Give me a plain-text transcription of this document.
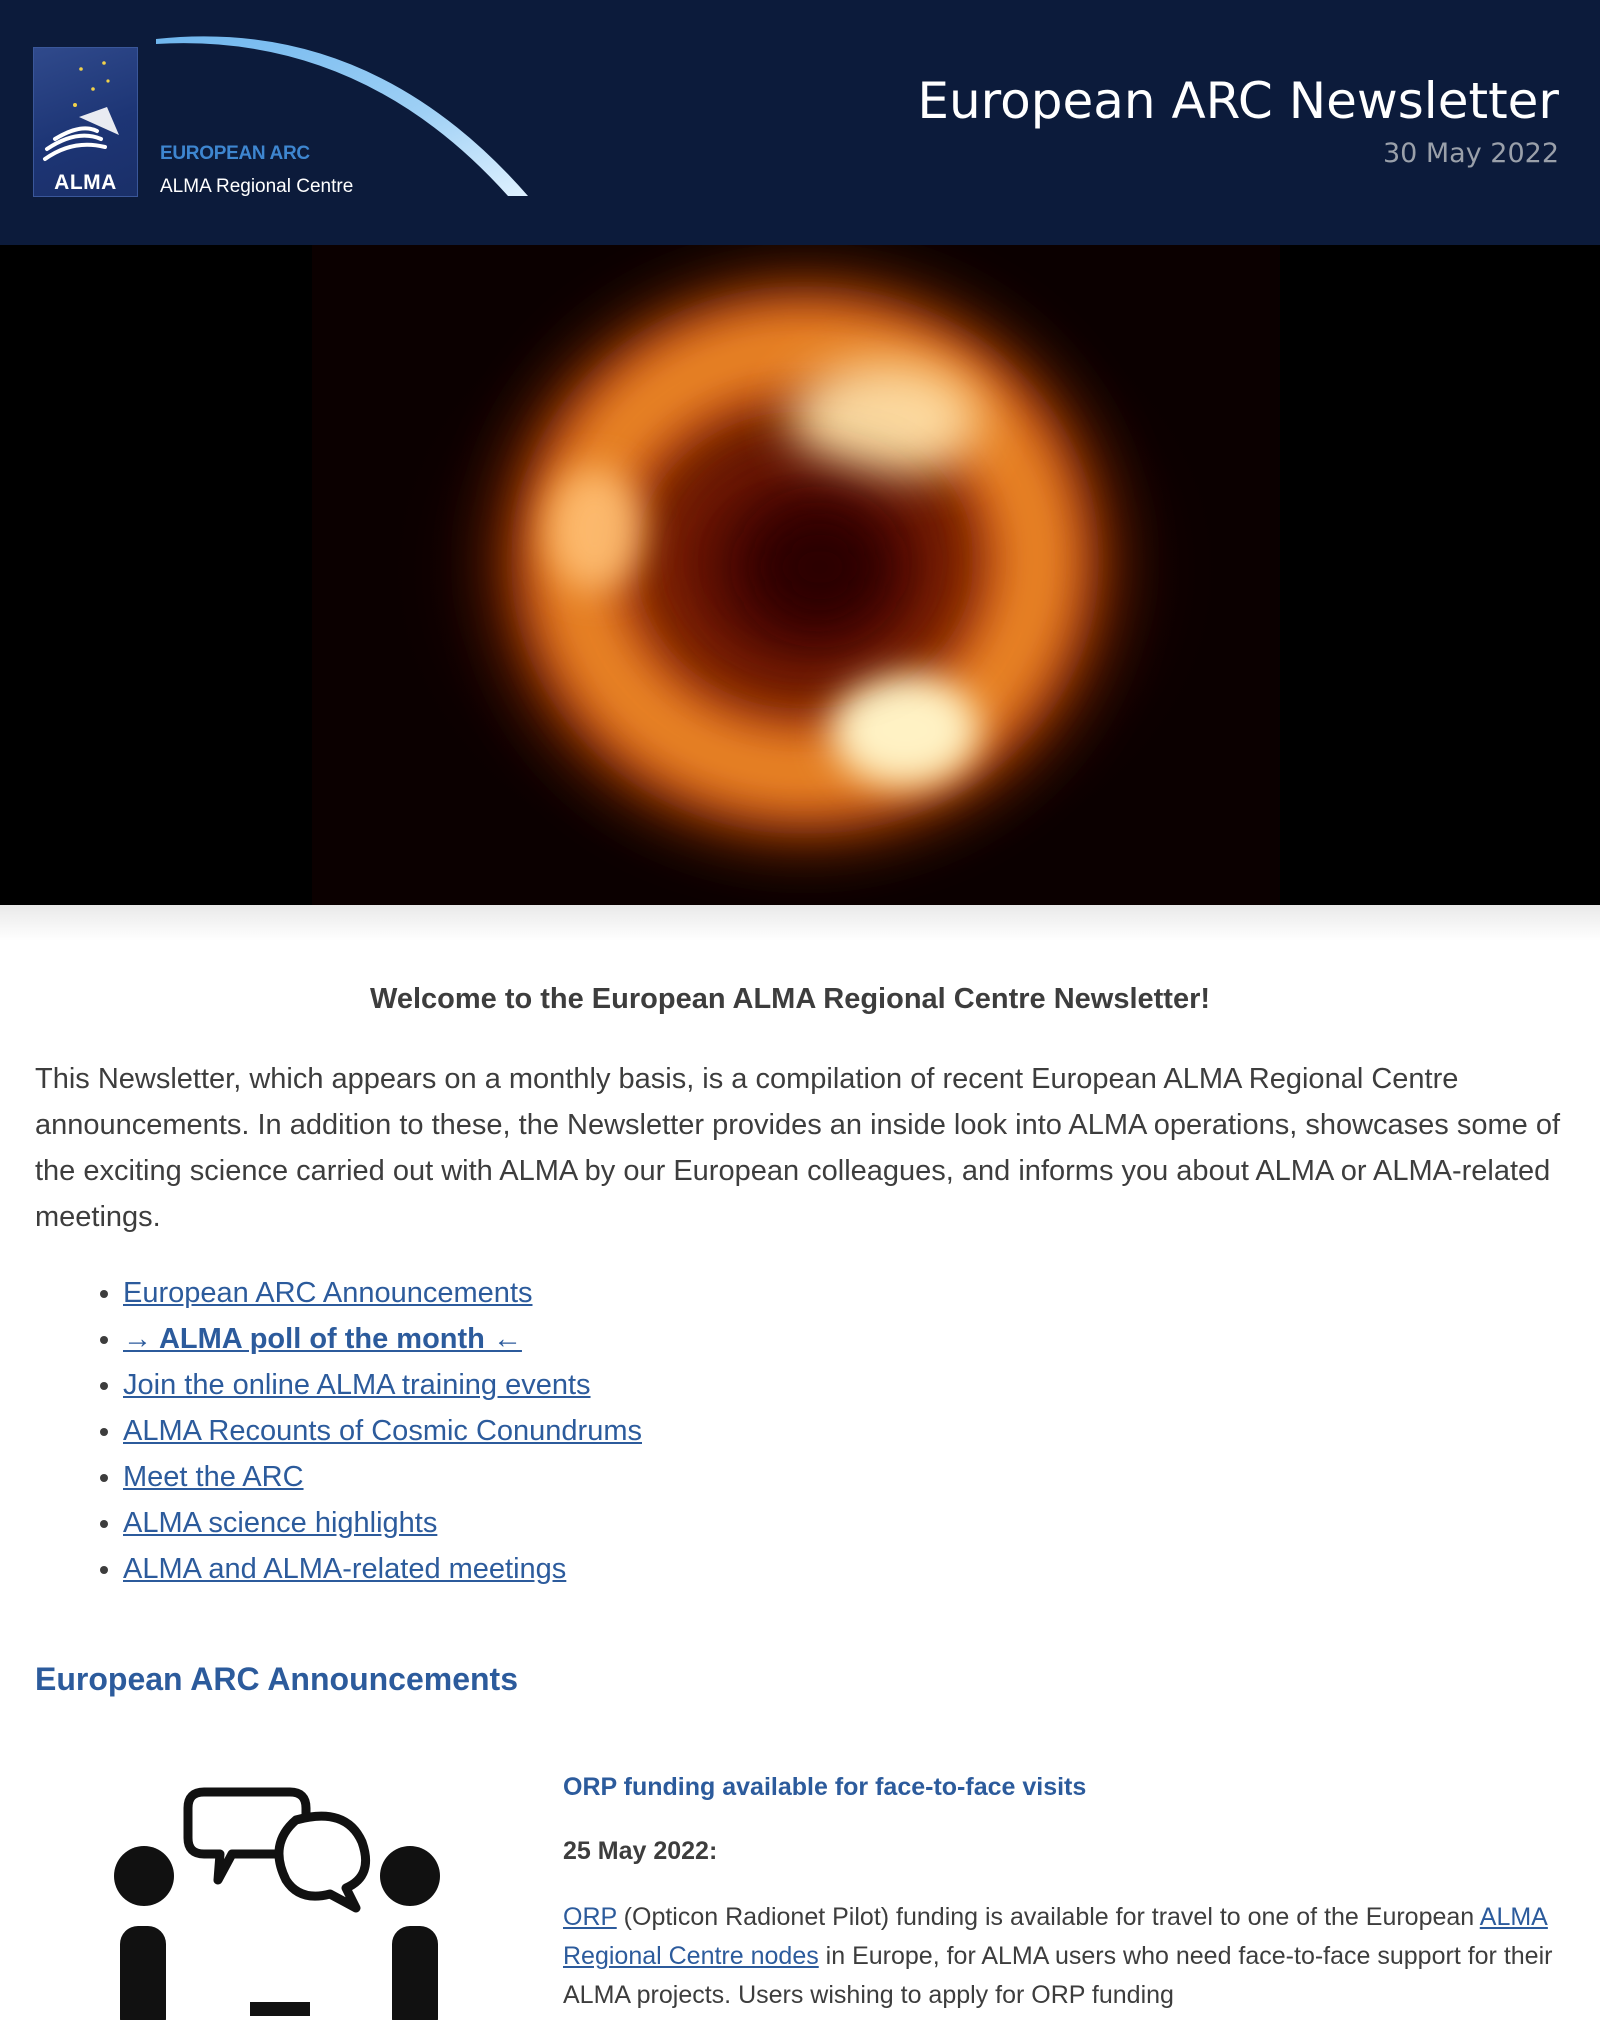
ALMA
EUROPEAN ARC
ALMA Regional Centre
European ARC Newsletter
30 May 2022
Welcome to the European ALMA Regional Centre Newsletter!

This Newsletter, which appears on a monthly basis, is a compilation of recent European ALMA Regional Centre announcements. In addition to these, the Newsletter provides an inside look into ALMA operations, showcases some of the exciting science carried out with ALMA by our European colleagues, and informs you about ALMA or ALMA-related meetings.

• European ARC Announcements
• → ALMA poll of the month ←
• Join the online ALMA training events
• ALMA Recounts of Cosmic Conundrums
• Meet the ARC
• ALMA science highlights
• ALMA and ALMA-related meetings
European ARC Announcements
ORP funding available for face-to-face visits
25 May 2022:

ORP (Opticon Radionet Pilot) funding is available for travel to one of the European ALMA Regional Centre nodes in Europe, for ALMA users who need face-to-face support for their ALMA projects. Users wishing to apply for ORP funding
